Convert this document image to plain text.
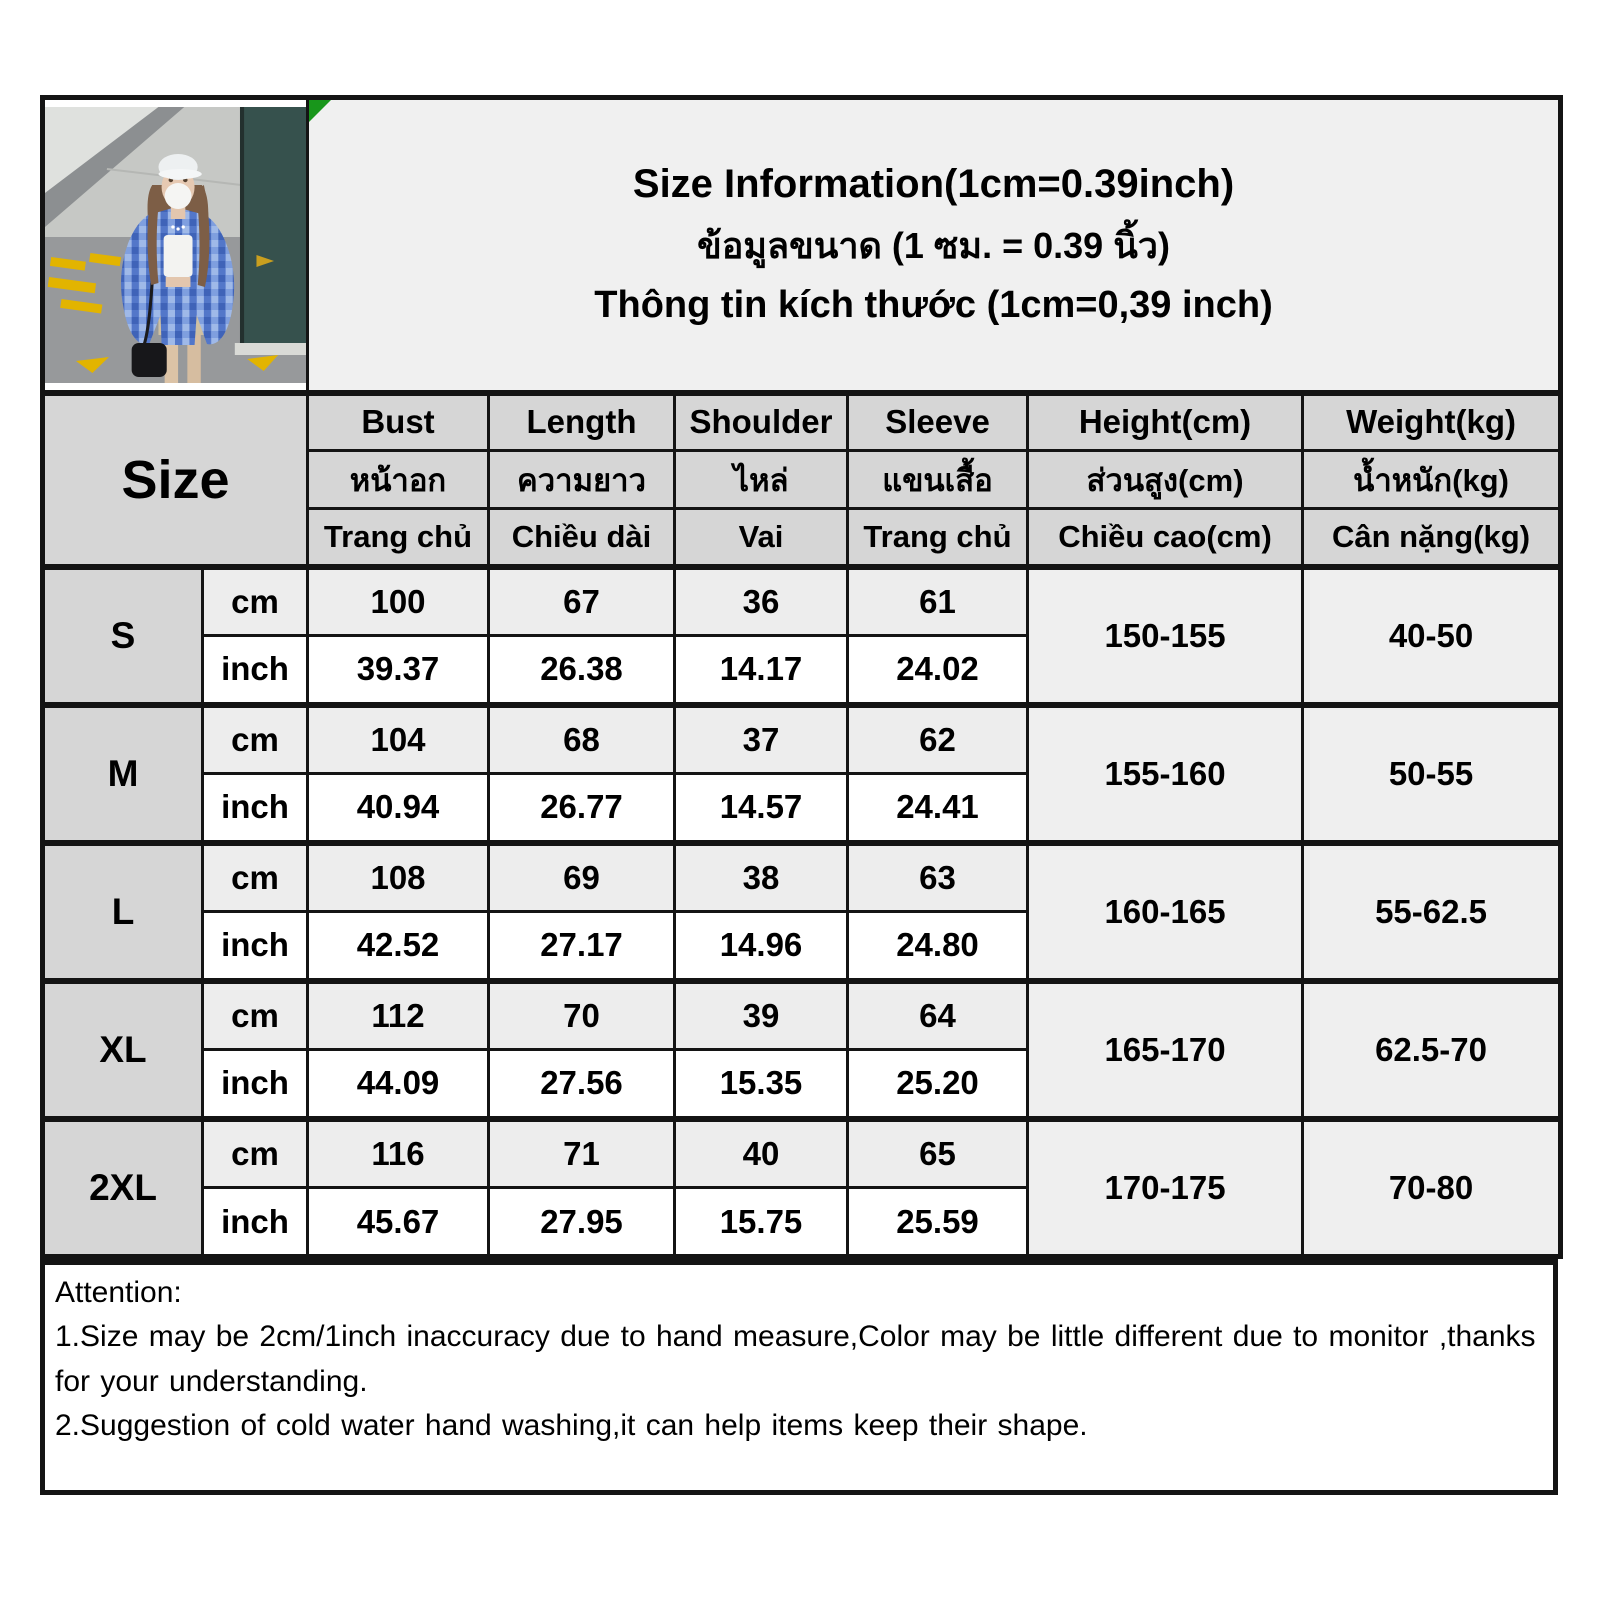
Size Information(1cm=0.39inch)
ข้อมูลขนาด (1 ซม. = 0.39 นิ้ว)
Thông tin kích thước (1cm=0,39 inch)					

Size		Bust	Length	Shoulder	Sleeve	Height(cm)	Weight(kg)
		หน้าอก	ความยาว	ไหล่	แขนเสื้อ	ส่วนสูง(cm)	น้ำหนัก(kg)
		Trang chủ	Chiều dài	Vai	Trang chủ	Chiều cao(cm)	Cân nặng(kg)
S	cm	100	67	36	61	150-155	40-50
	inch	39.37	26.38	14.17	24.02		
M	cm	104	68	37	62	155-160	50-55
	inch	40.94	26.77	14.57	24.41		
L	cm	108	69	38	63	160-165	55-62.5
	inch	42.52	27.17	14.96	24.80		
XL	cm	112	70	39	64	165-170	62.5-70
	inch	44.09	27.56	15.35	25.20		
2XL	cm	116	71	40	65	170-175	70-80
	inch	45.67	27.95	15.75	25.59		

Attention:

1.Size may be 2cm/1inch inaccuracy due to hand measure,Color may be little different due to monitor ,thanks for your understanding.

2.Suggestion of cold water hand washing,it can help items keep their shape.
